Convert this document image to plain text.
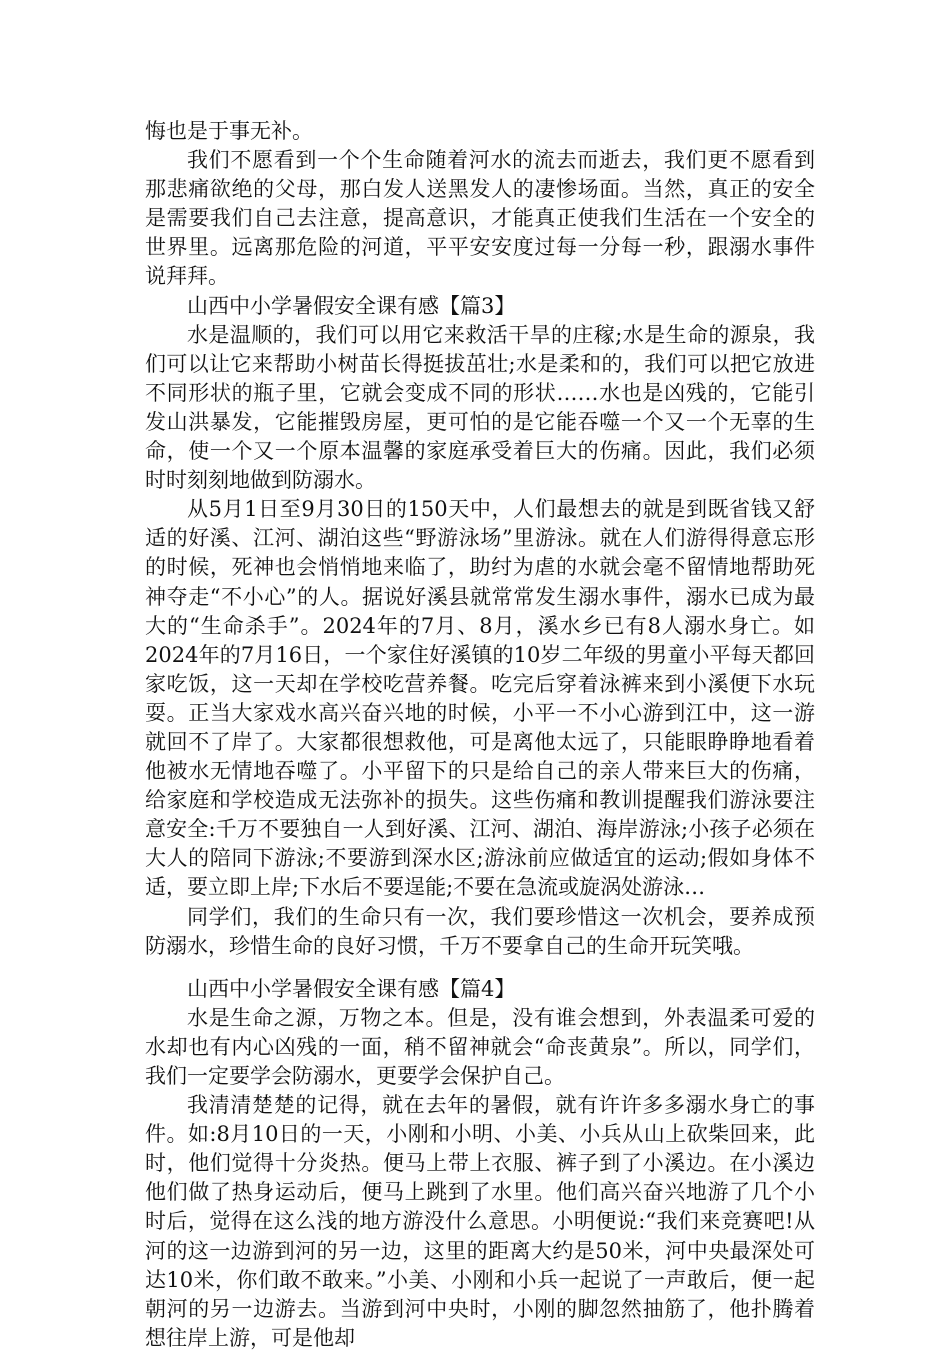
悔也是于事无补。

我们不愿看到一个个生命随着河水的流去而逝去，我们更不愿看到那悲痛欲绝的父母，那白发人送黑发人的凄惨场面。当然，真正的安全是需要我们自己去注意，提高意识，才能真正使我们生活在一个安全的世界里。远离那危险的河道，平平安安度过每一分每一秒，跟溺水事件说拜拜。

山西中小学暑假安全课有感【篇3】

水是温顺的，我们可以用它来救活干旱的庄稼;水是生命的源泉，我们可以让它来帮助小树苗长得挺拔茁壮;水是柔和的，我们可以把它放进不同形状的瓶子里，它就会变成不同的形状……水也是凶残的，它能引发山洪暴发，它能摧毁房屋，更可怕的是它能吞噬一个又一个无辜的生命，使一个又一个原本温馨的家庭承受着巨大的伤痛。因此，我们必须时时刻刻地做到防溺水。

从5月1日至9月30日的150天中，人们最想去的就是到既省钱又舒适的好溪、江河、湖泊这些“野游泳场”里游泳。就在人们游得得意忘形的时候，死神也会悄悄地来临了，助纣为虐的水就会毫不留情地帮助死神夺走“不小心”的人。据说好溪县就常常发生溺水事件，溺水已成为最大的“生命杀手”。2024年的7月、8月，溪水乡已有8人溺水身亡。如2024年的7月16日，一个家住好溪镇的10岁二年级的男童小平每天都回家吃饭，这一天却在学校吃营养餐。吃完后穿着泳裤来到小溪便下水玩耍。正当大家戏水高兴奋兴地的时候，小平一不小心游到江中，这一游就回不了岸了。大家都很想救他，可是离他太远了，只能眼睁睁地看着他被水无情地吞噬了。小平留下的只是给自己的亲人带来巨大的伤痛，给家庭和学校造成无法弥补的损失。这些伤痛和教训提醒我们游泳要注意安全:千万不要独自一人到好溪、江河、湖泊、海岸游泳;小孩子必须在大人的陪同下游泳;不要游到深水区;游泳前应做适宜的运动;假如身体不适，要立即上岸;下水后不要逞能;不要在急流或旋涡处游泳…

同学们，我们的生命只有一次，我们要珍惜这一次机会，要养成预防溺水，珍惜生命的良好习惯，千万不要拿自己的生命开玩笑哦。

山西中小学暑假安全课有感【篇4】

水是生命之源，万物之本。但是，没有谁会想到，外表温柔可爱的水却也有内心凶残的一面，稍不留神就会“命丧黄泉”。所以，同学们，我们一定要学会防溺水，更要学会保护自己。

我清清楚楚的记得，就在去年的暑假，就有许许多多溺水身亡的事件。如:8月10日的一天，小刚和小明、小美、小兵从山上砍柴回来，此时，他们觉得十分炎热。便马上带上衣服、裤子到了小溪边。在小溪边他们做了热身运动后，便马上跳到了水里。他们高兴奋兴地游了几个小时后，觉得在这么浅的地方游没什么意思。小明便说:“我们来竞赛吧!从河的这一边游到河的另一边，这里的距离大约是50米，河中央最深处可达10米，你们敢不敢来。”小美、小刚和小兵一起说了一声敢后，便一起朝河的另一边游去。当游到河中央时，小刚的脚忽然抽筋了，他扑腾着想往岸上游，可是他却
